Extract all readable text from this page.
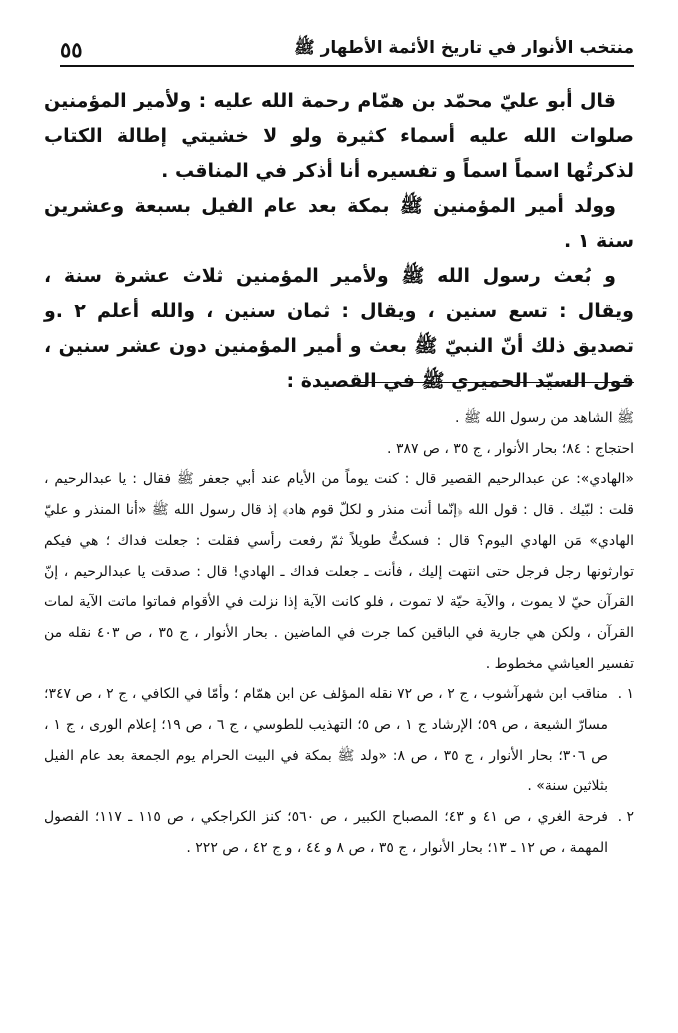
٥٥	منتخب الأنوار في تاريخ الأئمة الأطهار ﷺ

قال أبو عليّ محمّد بن همّام رحمة الله عليه : ولأمير المؤمنين صلوات الله عليه أسماء كثيرة ولو لا خشيتي إطالة الكتاب لذكرتُها اسماً اسماً و تفسيره أنا أذكر في المناقب .

وولد أمير المؤمنين ﷺ بمكة بعد عام الفيل بسبعة وعشرين سنة ١ .

و بُعث رسول الله ﷺ ولأمير المؤمنين ثلاث عشرة سنة ، ويقال : تسع سنين ، ويقال : ثمان سنين ، والله أعلم ٢ .و تصديق ذلك أنّ النبيّ ﷺ بعث و أمير المؤمنين دون عشر سنين ، قول السيّد الحميري ﷺ في القصيدة :

ﷺ الشاهد من رسول الله ﷺ .

احتجاج : ٨٤؛ بحار الأنوار ، ج ٣٥ ، ص ٣٨٧ .

«الهادي»: عن عبدالرحيم القصير قال : كنت يوماً من الأيام عند أبي جعفر ﷺ فقال : يا عبدالرحيم ، قلت : لبّيك . قال : قول الله ﴿إنّما أنت منذر و لكلّ قوم هاد﴾ إذ قال رسول الله ﷺ «أنا المنذر و عليّ الهادي» مَن الهادي اليوم؟ قال : فسكتُّ طويلاً ثمّ رفعت رأسي فقلت : جعلت فداك ؛ هي فيكم توارثونها رجل فرجل حتى انتهت إليك ، فأنت ـ جعلت فداك ـ الهادي! قال : صدقت يا عبدالرحيم ، إنّ القرآن حيّ لا يموت ، والآية حيّة لا تموت ، فلو كانت الآية إذا نزلت في الأقوام فماتوا ماتت الآية لمات القرآن ، ولكن هي جارية في الباقين كما جرت في الماضين . بحار الأنوار ، ج ٣٥ ، ص ٤٠٣ نقله من تفسير العياشي مخطوط .

١ .
مناقب ابن شهرآشوب ، ج ٢ ، ص ٧٢ نقله المؤلف عن ابن همّام ؛ وأمّا في الكافي ، ج ٢ ، ص ٣٤٧؛ مسارّ الشيعة ، ص ٥٩؛ الإرشاد ج ١ ، ص ٥؛ التهذيب للطوسي ، ج ٦ ، ص ١٩؛ إعلام الورى ، ج ١ ، ص ٣٠٦؛ بحار الأنوار ، ج ٣٥ ، ص ٨: «ولد ﷺ بمكة في البيت الحرام يوم الجمعة بعد عام الفيل بثلاثين سنة» .
٢ .
فرحة الغري ، ص ٤١ و ٤٣؛ المصباح الكبير ، ص ٥٦٠؛ كنز الكراجكي ، ص ١١٥ ـ ١١٧؛ الفصول المهمة ، ص ١٢ ـ ١٣؛ بحار الأنوار ، ج ٣٥ ، ص ٨ و ٤٤ ، و ج ٤٢ ، ص ٢٢٢ .
